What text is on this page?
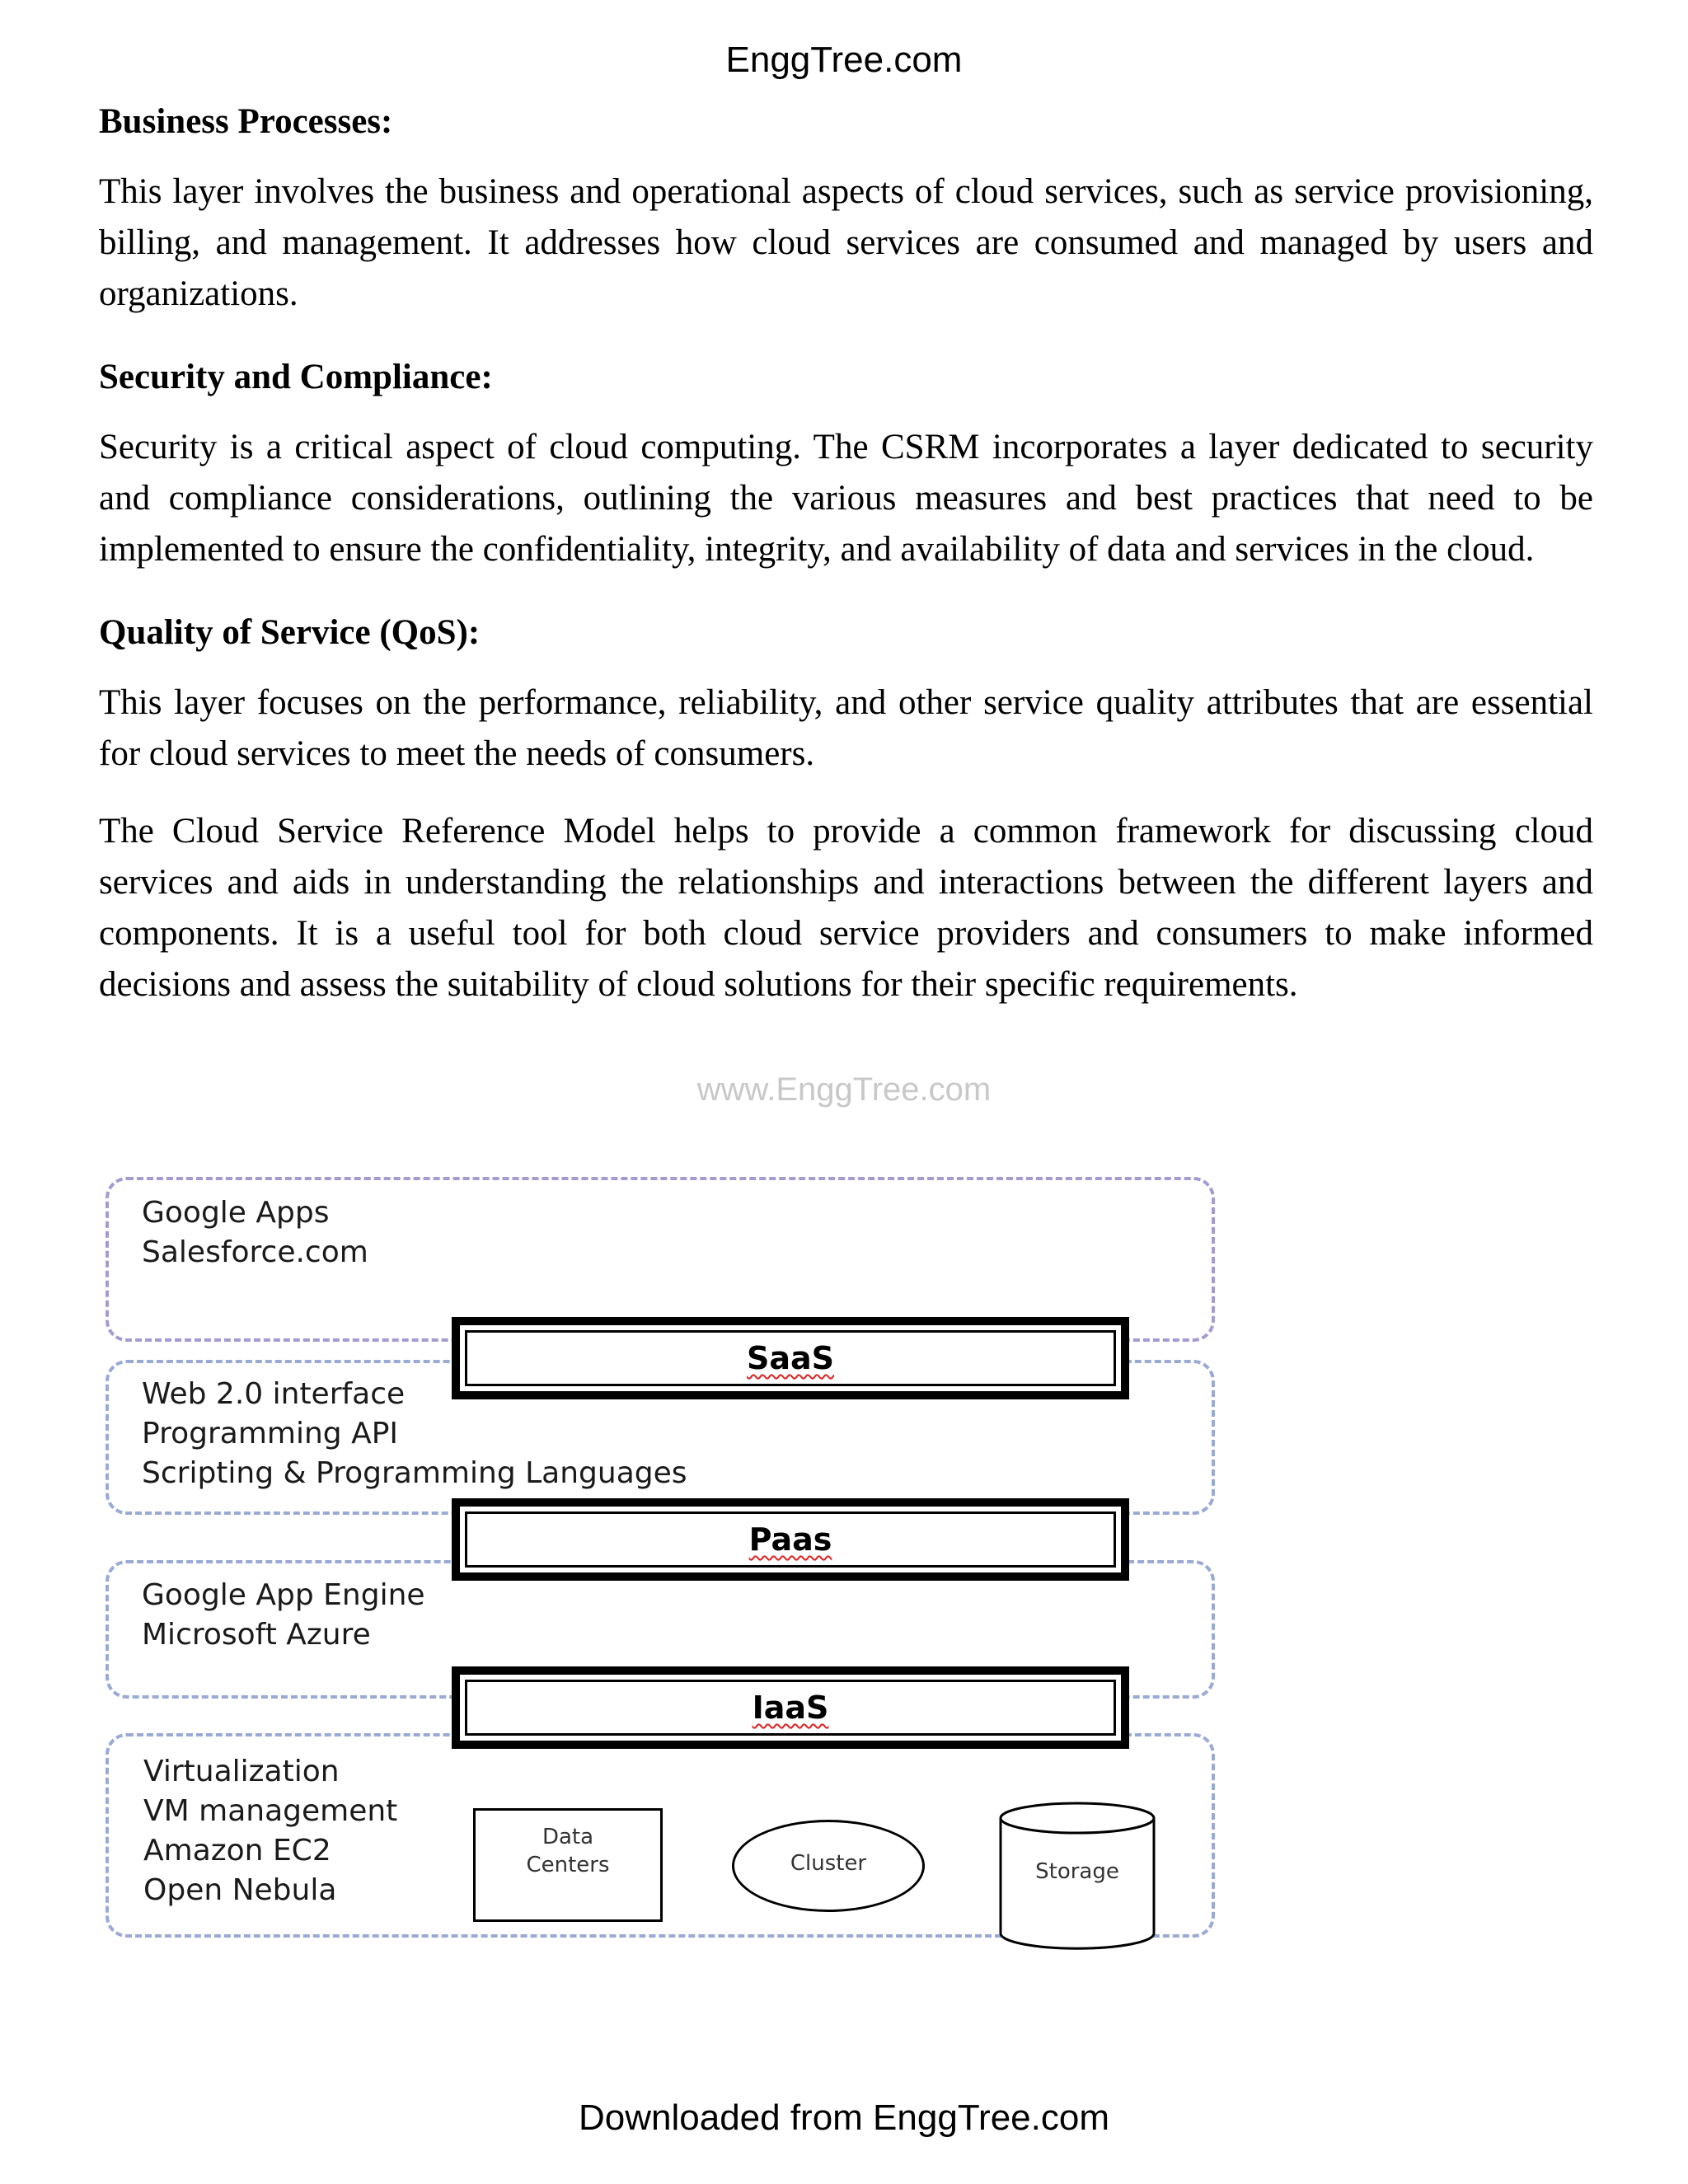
EnggTree.com
Business Processes:

This layer involves the business and operational aspects of cloud services, such as service provisioning, billing, and management. It addresses how cloud services are consumed and managed by users and organizations.

Security and Compliance:

Security is a critical aspect of cloud computing. The CSRM incorporates a layer dedicated to security and compliance considerations, outlining the various measures and best practices that need to be implemented to ensure the confidentiality, integrity, and availability of data and services in the cloud.

Quality of Service (QoS):

This layer focuses on the performance, reliability, and other service quality attributes that are essential for cloud services to meet the needs of consumers.

The Cloud Service Reference Model helps to provide a common framework for discussing cloud services and aids in understanding the relationships and interactions between the different layers and components. It is a useful tool for both cloud service providers and consumers to make informed decisions and assess the suitability of cloud solutions for their specific requirements.

www.EnggTree.com
Google Apps
Salesforce.com
Web 2.0 interface
Programming API
Scripting & Programming Languages
Google App Engine
Microsoft Azure
Virtualization
VM management
Amazon EC2
Open Nebula
SaaS
Paas
IaaS
Data
Centers	Cluster	Storage
Downloaded from EnggTree.com
